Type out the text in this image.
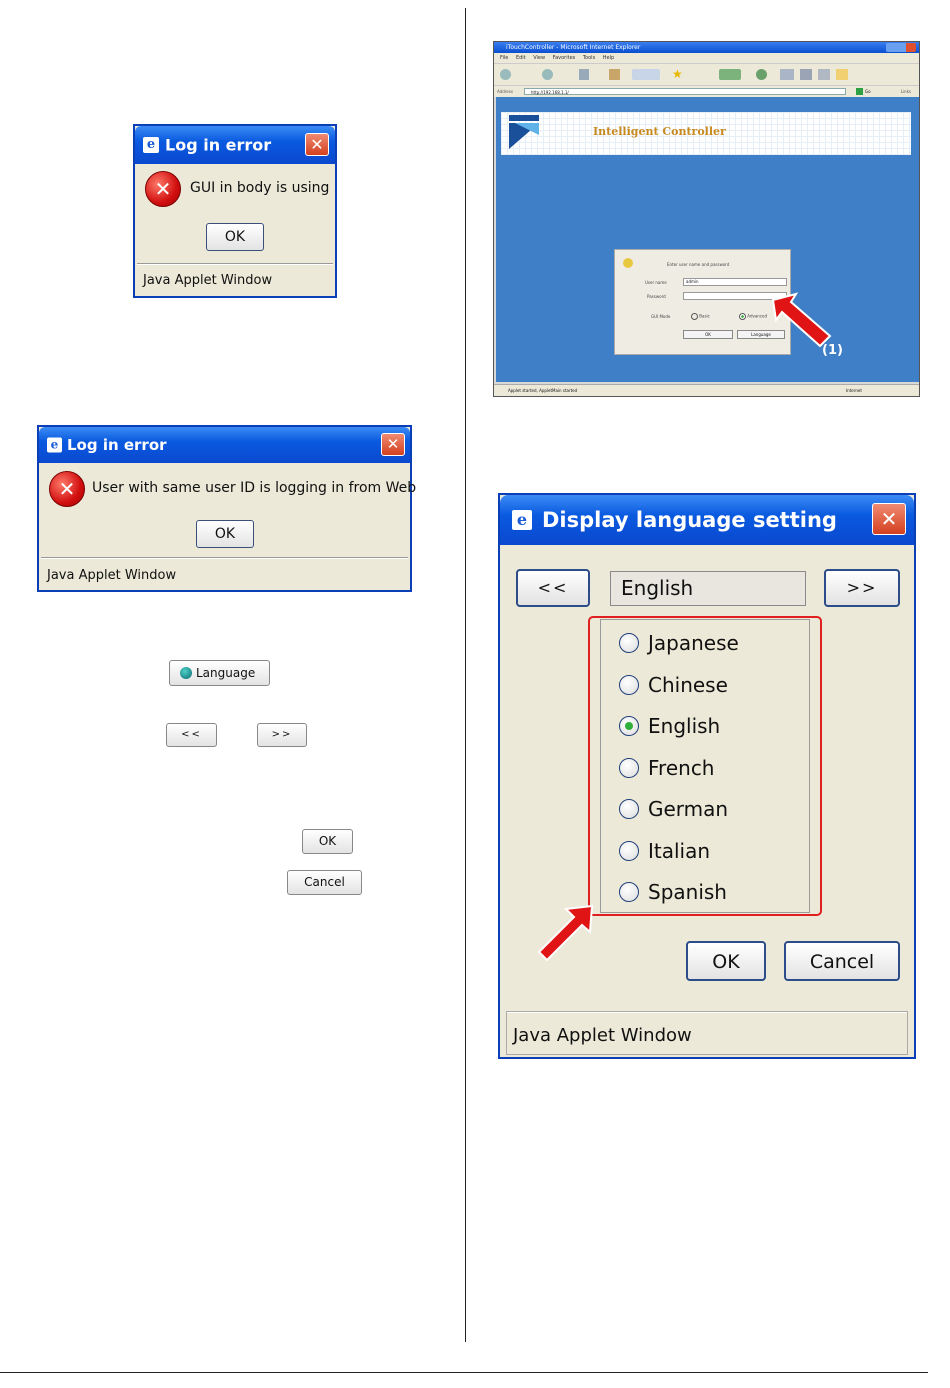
e
Log in error	✕
✕	GUI in body is using
OK
Java Applet Window
e
Log in error	✕
✕	User with same user ID is logging in from Web
OK
Java Applet Window
Language
<<	>>
OK
Cancel
iTouchController - Microsoft Internet Explorer
File Edit View Favorites Tools Help
★
Address	http://192.168.1.1/	Go	Links
Intelligent Controller
Enter user name and password
User name	admin
Password
GUI Mode	Basic	Advanced
OK	Language
Applet started, AppletMain started	Internet
(1)
e
Display language setting	✕
<<	English	>>
Japanese
Chinese
English
French
German
Italian
Spanish
OK	Cancel
Java Applet Window
